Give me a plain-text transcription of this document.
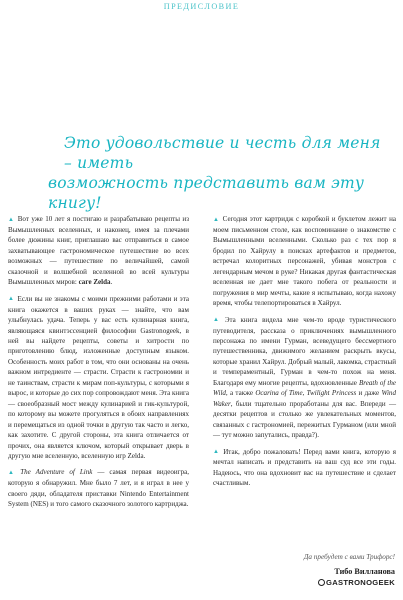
ПРЕДИСЛОВИЕ
Это удовольствие и честь для меня – иметь
возможность представить вам эту книгу!

▲ Вот уже 10 лет я постигаю и разрабатываю рецепты из Вымышленных вселенных, и наконец, имея за плечами более дюжины книг, приглашаю вас отправиться в самое захватывающее гастрономическое путешествие во всех возможных — путешествие по величайшей, самой сказочной и волшебной вселенной во всей культуры Вымышленных миров: саге Zelda.

▲ Если вы не знакомы с моими прежними работами и эта книга окажется в ваших руках — знайте, что вам улыбнулась удача. Теперь у вас есть кулинарная книга, являющаяся квинтэссенцией философии Gastronogeek, в ней вы найдете рецепты, советы и хитрости по приготовлению блюд, изложенные доступным языком. Особенность моих работ в том, что они основаны на очень важном интредиенте — страсти. Страсти к гастрономии и не таинствам, страсти к мирам поп-культуры, с которыми я вырос, и которые до сих пор сопровождают меня. Эта книга — своеобразный мост между кулинарией и гик-культурой, по которому вы можете прогуляться в обоих направлениях и перемещаться из одной точки в другую так часто и легко, как захотите. С другой стороны, эта книга отличается от прочих, она является ключом, который открывает дверь в другую мне вселенную, вселенную игр Zelda.

▲ The Adventure of Link — самая первая видеоигра, которую я обнаружил. Мне было 7 лет, и я играл в нее у своего дяди, обладателя приставки Nintendo Entertainment System (NES) и того самого сказочного золотого картриджа.

▲ Сегодня этот картридж с коробкой и буклетом лежит на моем письменном столе, как воспоминание о знакомстве с Вымышленными вселенными. Сколько раз с тех пор я бродил по Хайрулу в поисках артефактов и предметов, встречал колоритных персонажей, убивая монстров с легендарным мечом в руке? Никакая другая фантастическая вселенная не дает мне такого побега от реальности и погружения в мир мечты, какие я испытываю, когда нахожу время, чтобы телепортироваться в Хайрул.

▲ Эта книга видела мне чем-то вроде туристического путеводителя, рассказа о приключениях вымышленного персонажа по имени Гурман, всеведущего бессмертного путешественника, движимого желанием раскрыть вкусы, которые хранил Хайрул. Добрый малый, лакомка, страстный и темпераментный, Гурман в чем-то похож на меня. Благодаря ему многие рецепты, вдохновленные Breath of the Wild, а также Ocarina of Time, Twilight Princess и даже Wind Waker, были тщательно проработаны для вас. Впереди — десятки рецептов и столько же увлекательных моментов, связанных с гастрономией, пережитых Гурманом (или мной — тут можно запутались, правда?).

▲ Итак, добро пожаловать! Перед вами книга, которую я мечтал написать и представить на ваш суд все эти годы. Надеюсь, что она вдохновит вас на путешествие и сделает счастливым.

Да пребудет с вами Трифорс!
Тибо Вилланова
GASTRONOGEEK
